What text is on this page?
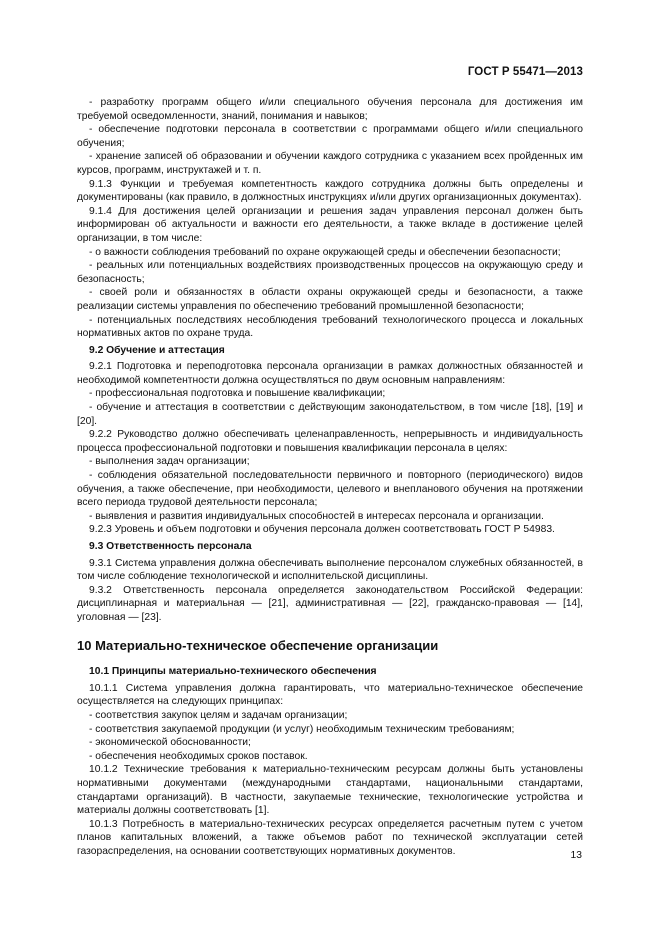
ГОСТ Р 55471—2013

- разработку программ общего и/или специального обучения персонала для достижения им требуемой осведомленности, знаний, понимания и навыков;

- обеспечение подготовки персонала в соответствии с программами общего и/или специального обучения;

- хранение записей об образовании и обучении каждого сотрудника с указанием всех пройденных им курсов, программ, инструктажей и т. п.

9.1.3 Функции и требуемая компетентность каждого сотрудника должны быть определены и документированы (как правило, в должностных инструкциях и/или других организационных документах).

9.1.4 Для достижения целей организации и решения задач управления персонал должен быть информирован об актуальности и важности его деятельности, а также вкладе в достижение целей организации, в том числе:

- о важности соблюдения требований по охране окружающей среды и обеспечении безопасности;

- реальных или потенциальных воздействиях производственных процессов на окружающую среду и безопасность;

- своей роли и обязанностях в области охраны окружающей среды и безопасности, а также реализации системы управления по обеспечению требований промышленной безопасности;

- потенциальных последствиях несоблюдения требований технологического процесса и локальных нормативных актов по охране труда.

9.2 Обучение и аттестация

9.2.1 Подготовка и переподготовка персонала организации в рамках должностных обязанностей и необходимой компетентности должна осуществляться по двум основным направлениям:

- профессиональная подготовка и повышение квалификации;

- обучение и аттестация в соответствии с действующим законодательством, в том числе [18], [19] и [20].

9.2.2 Руководство должно обеспечивать целенаправленность, непрерывность и индивидуальность процесса профессиональной подготовки и повышения квалификации персонала в целях:

- выполнения задач организации;

- соблюдения обязательной последовательности первичного и повторного (периодического) видов обучения, а также обеспечение, при необходимости, целевого и внепланового обучения на протяжении всего периода трудовой деятельности персонала;

- выявления и развития индивидуальных способностей в интересах персонала и организации.

9.2.3 Уровень и объем подготовки и обучения персонала должен соответствовать ГОСТ Р 54983.

9.3 Ответственность персонала

9.3.1 Система управления должна обеспечивать выполнение персоналом служебных обязанностей, в том числе соблюдение технологической и исполнительской дисциплины.

9.3.2 Ответственность персонала определяется законодательством Российской Федерации: дисциплинарная и материальная — [21], административная — [22], гражданско-правовая — [14], уголовная — [23].

10 Материально-техническое обеспечение организации

10.1 Принципы материально-технического обеспечения

10.1.1 Система управления должна гарантировать, что материально-техническое обеспечение осуществляется на следующих принципах:

- соответствия закупок целям и задачам организации;

- соответствия закупаемой продукции (и услуг) необходимым техническим требованиям;

- экономической обоснованности;

- обеспечения необходимых сроков поставок.

10.1.2 Технические требования к материально-техническим ресурсам должны быть установлены нормативными документами (международными стандартами, национальными стандартами, стандартами организаций). В частности, закупаемые технические, технологические устройства и материалы должны соответствовать [1].

10.1.3 Потребность в материально-технических ресурсах определяется расчетным путем с учетом планов капитальных вложений, а также объемов работ по технической эксплуатации сетей газораспределения, на основании соответствующих нормативных документов.	13
